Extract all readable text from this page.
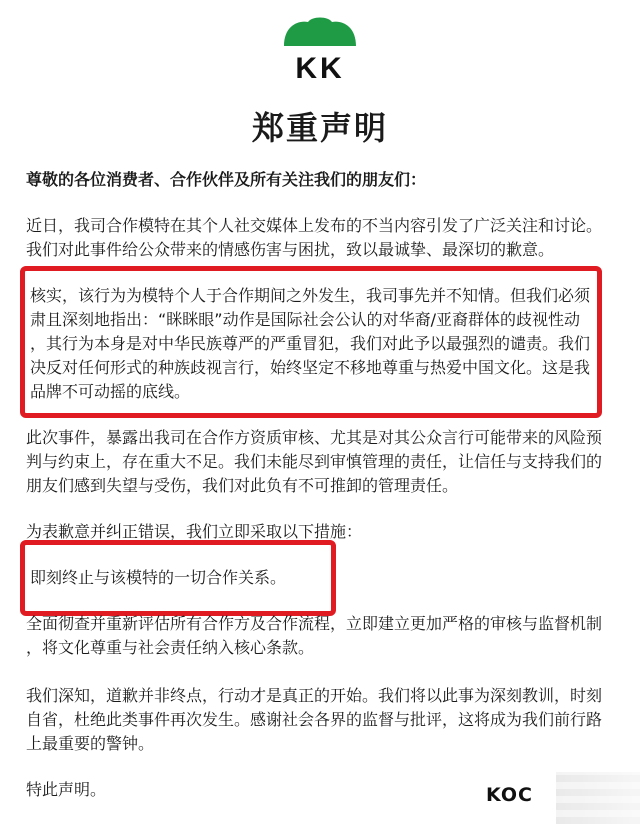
KK
郑重声明

尊敬的各位消费者、合作伙伴及所有关注我们的朋友们：

近日，我司合作模特在其个人社交媒体上发布的不当内容引发了广泛关注和讨论。
我们对此事件给公众带来的情感伤害与困扰，致以最诚挚、最深切的歉意。
核实，该行为为模特个人于合作期间之外发生，我司事先并不知情。但我们必须
肃且深刻地指出：“眯眯眼”动作是国际社会公认的对华裔/亚裔群体的歧视性动
，其行为本身是对中华民族尊严的严重冒犯，我们对此予以最强烈的谴责。我们
决反对任何形式的种族歧视言行，始终坚定不移地尊重与热爱中国文化。这是我
品牌不可动摇的底线。
此次事件，暴露出我司在合作方资质审核、尤其是对其公众言行可能带来的风险预
判与约束上，存在重大不足。我们未能尽到审慎管理的责任，让信任与支持我们的
朋友们感到失望与受伤，我们对此负有不可推卸的管理责任。

为表歉意并纠正错误，我们立即采取以下措施：

即刻终止与该模特的一切合作关系。

全面彻查并重新评估所有合作方及合作流程，立即建立更加严格的审核与监督机制
，将文化尊重与社会责任纳入核心条款。
我们深知，道歉并非终点，行动才是真正的开始。我们将以此事为深刻教训，时刻
自省，杜绝此类事件再次发生。感谢社会各界的监督与批评，这将成为我们前行路
上最重要的警钟。

特此声明。	KOC
